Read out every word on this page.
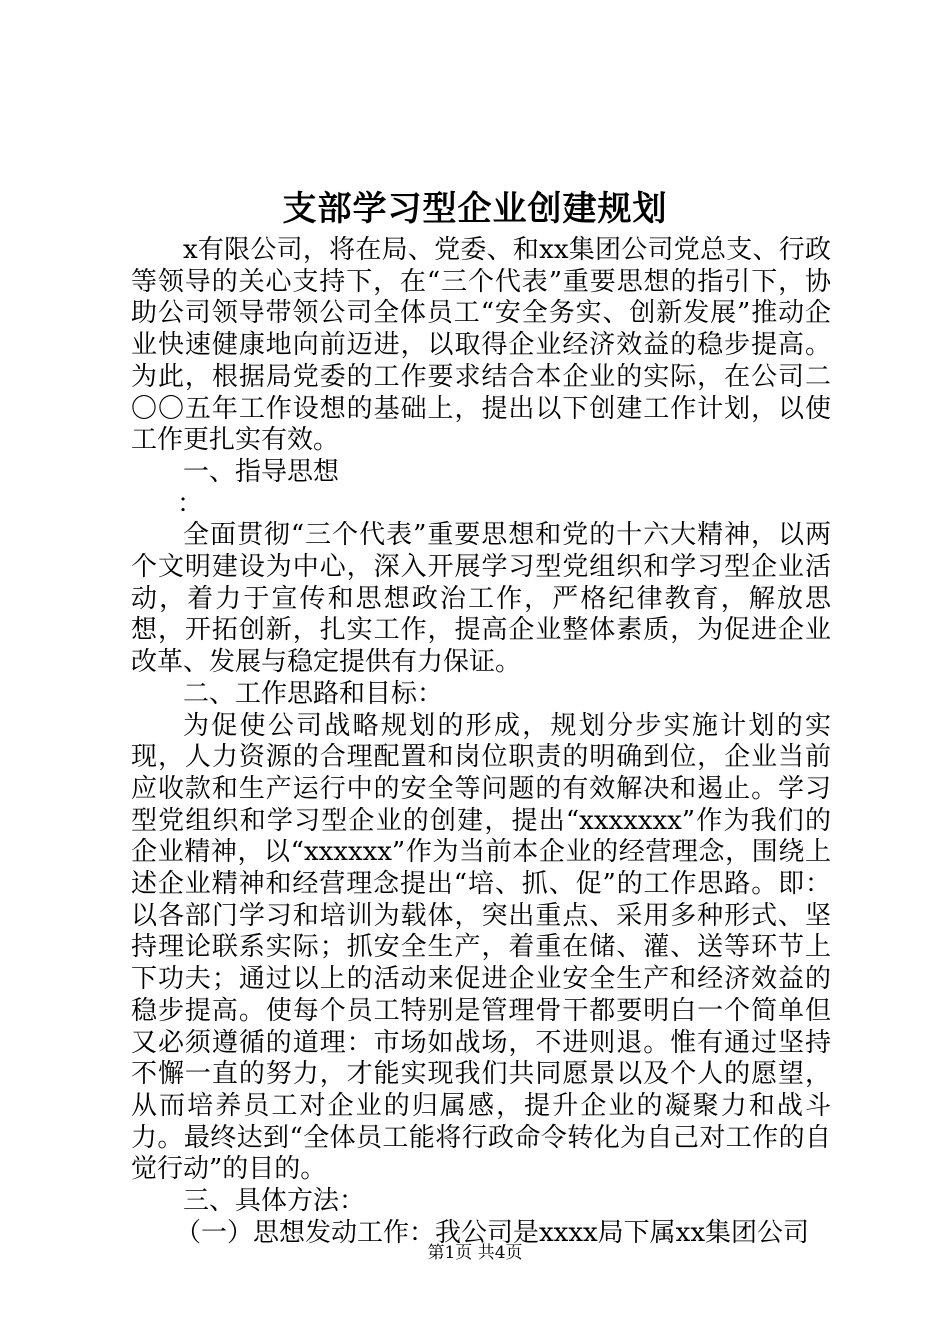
支部学习型企业创建规划

x有限公司，将在局、党委、和xx集团公司党总支、行政等领导的关心支持下，在“三个代表”重要思想的指引下，协助公司领导带领公司全体员工“安全务实、创新发展”推动企业快速健康地向前迈进，以取得企业经济效益的稳步提高。为此，根据局党委的工作要求结合本企业的实际，在公司二〇〇五年工作设想的基础上，提出以下创建工作计划，以使工作更扎实有效。

一、指导思想

：

全面贯彻“三个代表”重要思想和党的十六大精神，以两个文明建设为中心，深入开展学习型党组织和学习型企业活动，着力于宣传和思想政治工作，严格纪律教育，解放思想，开拓创新，扎实工作，提高企业整体素质，为促进企业改革、发展与稳定提供有力保证。

二、工作思路和目标：

为促使公司战略规划的形成，规划分步实施计划的实现，人力资源的合理配置和岗位职责的明确到位，企业当前应收款和生产运行中的安全等问题的有效解决和遏止。学习型党组织和学习型企业的创建，提出“xxxxxxx”作为我们的企业精神，以“xxxxxx”作为当前本企业的经营理念，围绕上述企业精神和经营理念提出“培、抓、促”的工作思路。即：以各部门学习和培训为载体，突出重点、采用多种形式、坚持理论联系实际；抓安全生产，着重在储、灌、送等环节上下功夫；通过以上的活动来促进企业安全生产和经济效益的稳步提高。使每个员工特别是管理骨干都要明白一个简单但又必须遵循的道理：市场如战场，不进则退。惟有通过坚持不懈一直的努力，才能实现我们共同愿景以及个人的愿望，从而培养员工对企业的归属感，提升企业的凝聚力和战斗力。最终达到“全体员工能将行政命令转化为自己对工作的自觉行动”的目的。

三、具体方法：

（一）思想发动工作：我公司是xxxx局下属xx集团公司

第1页 共4页
